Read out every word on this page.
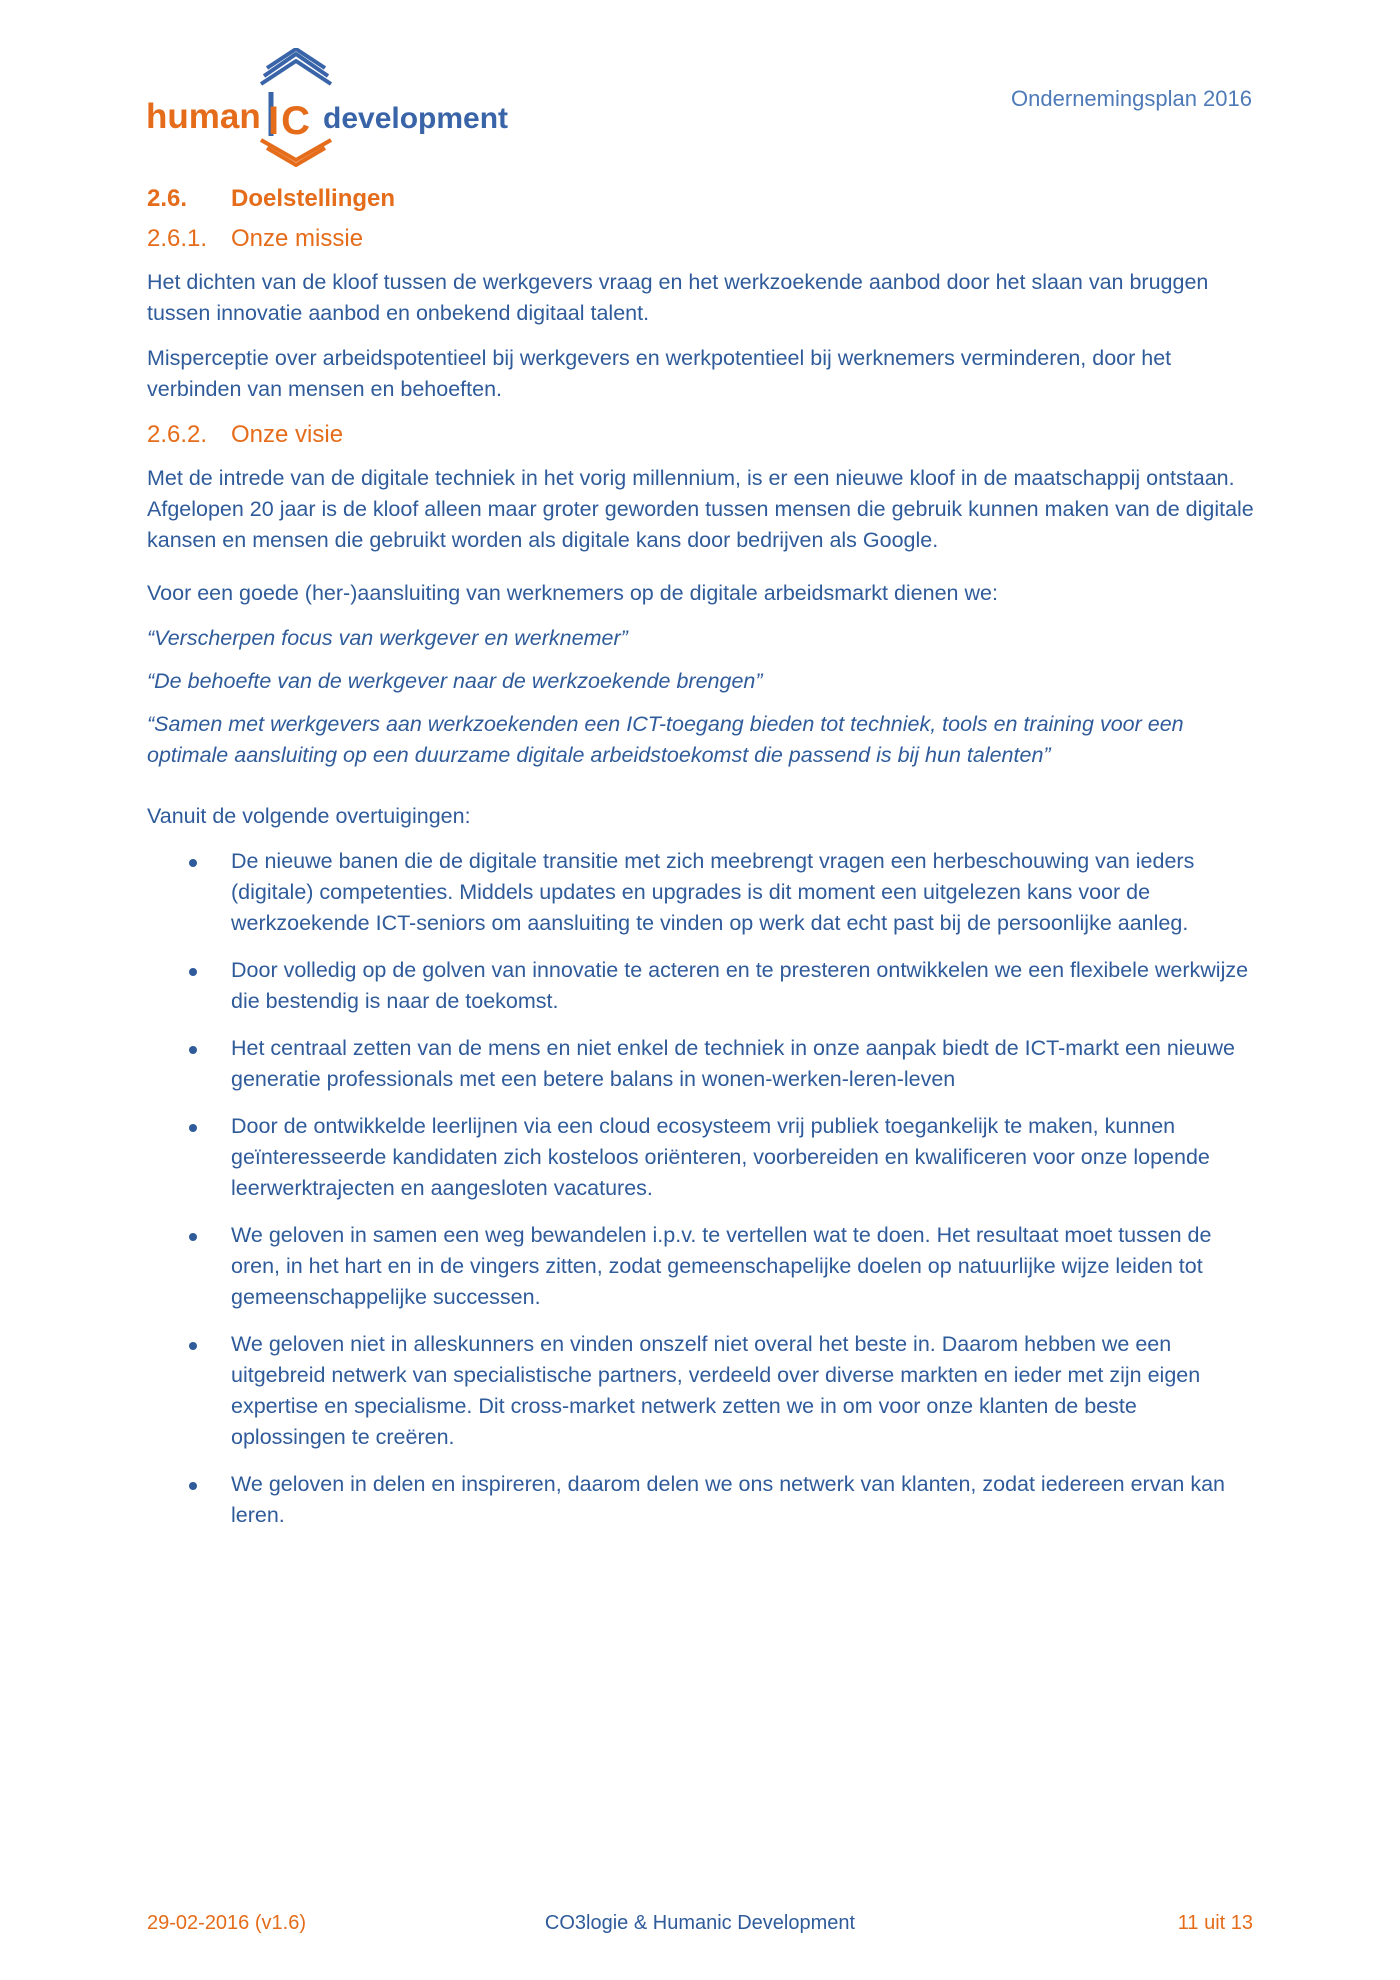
human IC development
Ondernemingsplan 2016
2.6. Doelstellingen
2.6.1. Onze missie

Het dichten van de kloof tussen de werkgevers vraag en het werkzoekende aanbod door het slaan van bruggen tussen innovatie aanbod en onbekend digitaal talent.

Misperceptie over arbeidspotentieel bij werkgevers en werkpotentieel bij werknemers verminderen, door het verbinden van mensen en behoeften.

2.6.2. Onze visie

Met de intrede van de digitale techniek in het vorig millennium, is er een nieuwe kloof in de maatschappij ontstaan. Afgelopen 20 jaar is de kloof alleen maar groter geworden tussen mensen die gebruik kunnen maken van de digitale kansen en mensen die gebruikt worden als digitale kans door bedrijven als Google.

Voor een goede (her-)aansluiting van werknemers op de digitale arbeidsmarkt dienen we:

“Verscherpen focus van werkgever en werknemer”

“De behoefte van de werkgever naar de werkzoekende brengen”

“Samen met werkgevers aan werkzoekenden een ICT-toegang bieden tot techniek, tools en training voor een optimale aansluiting op een duurzame digitale arbeidstoekomst die passend is bij hun talenten”

Vanuit de volgende overtuigingen:

De nieuwe banen die de digitale transitie met zich meebrengt vragen een herbeschouwing van ieders (digitale) competenties. Middels updates en upgrades is dit moment een uitgelezen kans voor de werkzoekende ICT-seniors om aansluiting te vinden op werk dat echt past bij de persoonlijke aanleg.
Door volledig op de golven van innovatie te acteren en te presteren ontwikkelen we een flexibele werkwijze die bestendig is naar de toekomst.
Het centraal zetten van de mens en niet enkel de techniek in onze aanpak biedt de ICT-markt een nieuwe generatie professionals met een betere balans in wonen-werken-leren-leven
Door de ontwikkelde leerlijnen via een cloud ecosysteem vrij publiek toegankelijk te maken, kunnen geïnteresseerde kandidaten zich kosteloos oriënteren, voorbereiden en kwalificeren voor onze lopende leerwerktrajecten en aangesloten vacatures.
We geloven in samen een weg bewandelen i.p.v. te vertellen wat te doen. Het resultaat moet tussen de oren, in het hart en in de vingers zitten, zodat gemeenschapelijke doelen op natuurlijke wijze leiden tot gemeenschappelijke successen.
We geloven niet in alleskunners en vinden onszelf niet overal het beste in. Daarom hebben we een uitgebreid netwerk van specialistische partners, verdeeld over diverse markten en ieder met zijn eigen expertise en specialisme. Dit cross-market netwerk zetten we in om voor onze klanten de beste oplossingen te creëren.
We geloven in delen en inspireren, daarom delen we ons netwerk van klanten, zodat iedereen ervan kan leren.
29-02-2016 (v1.6)	CO3logie & Humanic Development	11 uit 13
